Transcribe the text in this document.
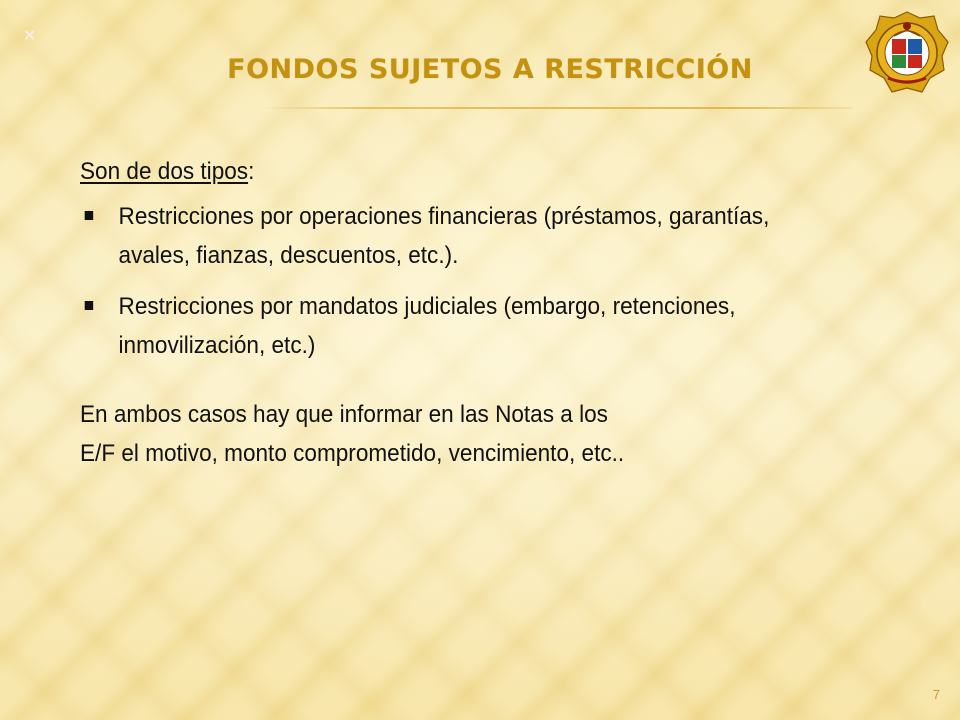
×
FONDOS SUJETOS A RESTRICCIÓN

Son de dos tipos:

Restricciones por operaciones financieras (préstamos, garantías, avales, fianzas, descuentos, etc.).
Restricciones por mandatos judiciales (embargo, retenciones, inmovilización, etc.)

En ambos casos hay que informar en las Notas a los

E/F el motivo, monto comprometido, vencimiento, etc..

7
